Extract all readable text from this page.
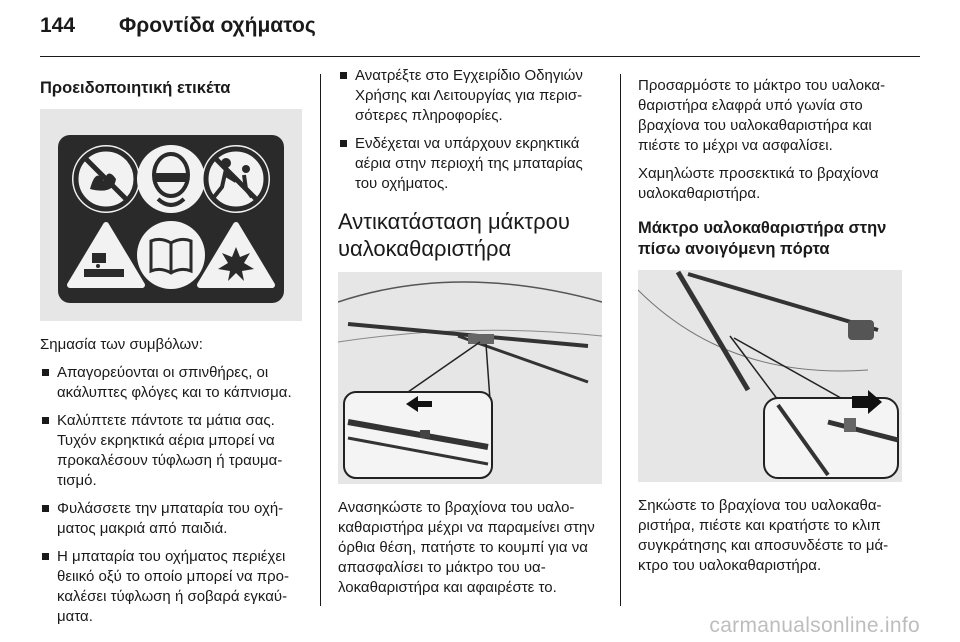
144 Φροντίδα οχήματος
Προειδοποιητική ετικέτα
Σημασία των συμβόλων:
Απαγορεύονται οι σπινθήρες, οι ακάλυπτες φλόγες και το κάπνισμα.
Καλύπτετε πάντοτε τα μάτια σας. Τυχόν εκρηκτικά αέρια μπορεί να προκαλέσουν τύφλωση ή τραυμα-τισμό.
Φυλάσσετε την μπαταρία του οχή-ματος μακριά από παιδιά.
Η μπαταρία του οχήματος περιέχει θειικό οξύ το οποίο μπορεί να προ-καλέσει τύφλωση ή σοβαρά εγκαύ-ματα.
Ανατρέξτε στο Εγχειρίδιο Οδηγιών Χρήσης και Λειτουργίας για περισ-σότερες πληροφορίες.
Ενδέχεται να υπάρχουν εκρηκτικά αέρια στην περιοχή της μπαταρίας του οχήματος.
Αντικατάσταση μάκτρου υαλοκαθαριστήρα
Ανασηκώστε το βραχίονα του υαλο-καθαριστήρα μέχρι να παραμείνει στην όρθια θέση, πατήστε το κουμπί για να απασφαλίσει το μάκτρο του υα-λοκαθαριστήρα και αφαιρέστε το.
Προσαρμόστε το μάκτρο του υαλοκα-θαριστήρα ελαφρά υπό γωνία στο βραχίονα του υαλοκαθαριστήρα και πιέστε το μέχρι να ασφαλίσει.
Χαμηλώστε προσεκτικά το βραχίονα υαλοκαθαριστήρα.
Μάκτρο υαλοκαθαριστήρα στην πίσω ανοιγόμενη πόρτα
Σηκώστε το βραχίονα του υαλοκαθα-ριστήρα, πιέστε και κρατήστε το κλιπ συγκράτησης και αποσυνδέστε το μά-κτρο του υαλοκαθαριστήρα.
carmanualsonline.info
